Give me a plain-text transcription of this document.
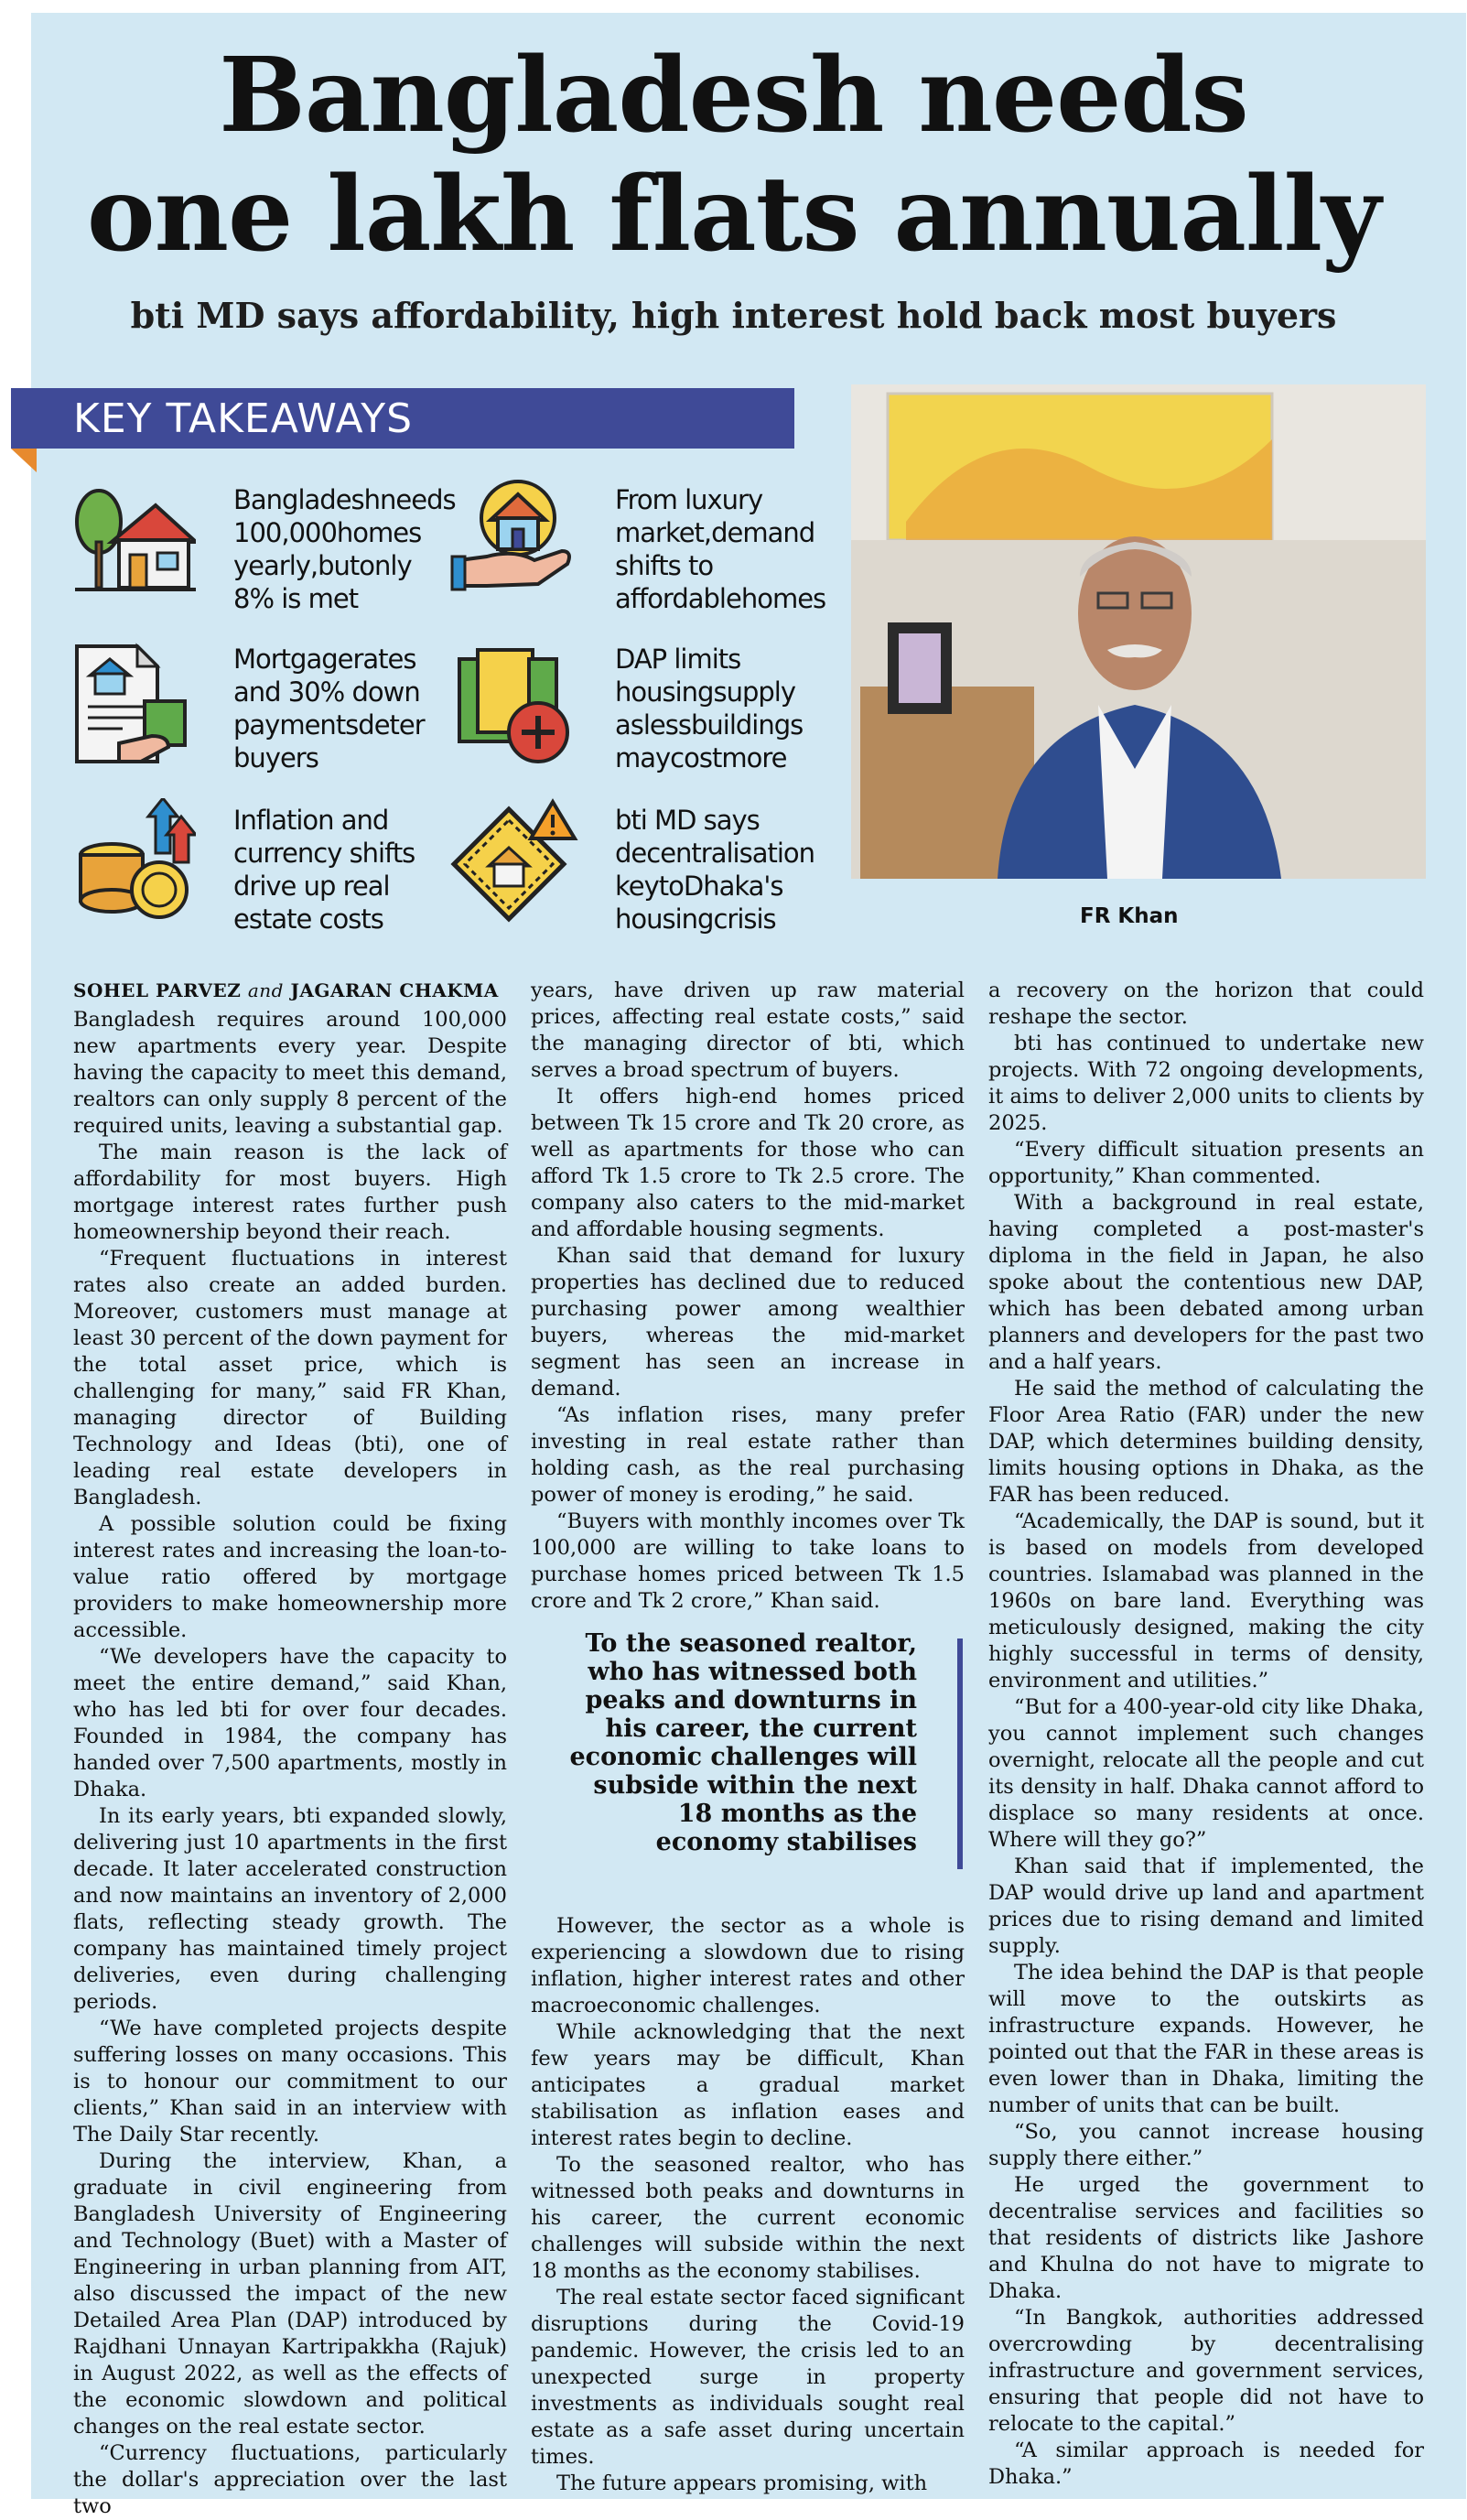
Bangladesh needs
one lakh flats annually
bti MD says affordability, high interest hold back most buyers
KEY TAKEAWAYS
Bangladeshneeds 100,000homes yearly,butonly 8% is met
From luxury market,demand shifts to affordablehomes
Mortgagerates and 30% down paymentsdeter buyers
DAP limits housingsupply aslessbuildings maycostmore
Inflation and currency shifts drive up real estate costs
bti MD says decentralisation keytoDhaka's housingcrisis	FR Khan
SOHEL PARVEZ and JAGARAN CHAKMA

Bangladesh requires around 100,000 new apartments every year. Despite having the capacity to meet this demand, realtors can only supply 8 percent of the required units, leaving a substantial gap.

The main reason is the lack of affordability for most buyers. High mortgage interest rates further push homeownership beyond their reach.

“Frequent fluctuations in interest rates also create an added burden. Moreover, customers must manage at least 30 percent of the down payment for the total asset price, which is challenging for many,” said FR Khan, managing director of Building Technology and Ideas (bti), one of leading real estate developers in Bangladesh.

A possible solution could be fixing interest rates and increasing the loan-to-value ratio offered by mortgage providers to make homeownership more accessible.

“We developers have the capacity to meet the entire demand,” said Khan, who has led bti for over four decades. Founded in 1984, the company has handed over 7,500 apartments, mostly in Dhaka.

In its early years, bti expanded slowly, delivering just 10 apartments in the first decade. It later accelerated construction and now maintains an inventory of 2,000 flats, reflecting steady growth. The company has maintained timely project deliveries, even during challenging periods.

“We have completed projects despite suffering losses on many occasions. This is to honour our commitment to our clients,” Khan said in an interview with The Daily Star recently.

During the interview, Khan, a graduate in civil engineering from Bangladesh University of Engineering and Technology (Buet) with a Master of Engineering in urban planning from AIT, also discussed the impact of the new Detailed Area Plan (DAP) introduced by Rajdhani Unnayan Kartripakkha (Rajuk) in August 2022, as well as the effects of the economic slowdown and political changes on the real estate sector.

“Currency fluctuations, particularly the dollar's appreciation over the last two

years, have driven up raw material prices, affecting real estate costs,” said the managing director of bti, which serves a broad spectrum of buyers.

It offers high-end homes priced between Tk 15 crore and Tk 20 crore, as well as apartments for those who can afford Tk 1.5 crore to Tk 2.5 crore. The company also caters to the mid-market and affordable housing segments.

Khan said that demand for luxury properties has declined due to reduced purchasing power among wealthier buyers, whereas the mid-market segment has seen an increase in demand.

“As inflation rises, many prefer investing in real estate rather than holding cash, as the real purchasing power of money is eroding,” he said.

“Buyers with monthly incomes over Tk 100,000 are willing to take loans to purchase homes priced between Tk 1.5 crore and Tk 2 crore,” Khan said.

To the seasoned realtor, who has witnessed both peaks and downturns in his career, the current economic challenges will subside within the next 18 months as the economy stabilises

However, the sector as a whole is experiencing a slowdown due to rising inflation, higher interest rates and other macroeconomic challenges.

While acknowledging that the next few years may be difficult, Khan anticipates a gradual market stabilisation as inflation eases and interest rates begin to decline.

To the seasoned realtor, who has witnessed both peaks and downturns in his career, the current economic challenges will subside within the next 18 months as the economy stabilises.

The real estate sector faced significant disruptions during the Covid-19 pandemic. However, the crisis led to an unexpected surge in property investments as individuals sought real estate as a safe asset during uncertain times.

The future appears promising, with

a recovery on the horizon that could reshape the sector.

bti has continued to undertake new projects. With 72 ongoing developments, it aims to deliver 2,000 units to clients by 2025.

“Every difficult situation presents an opportunity,” Khan commented.

With a background in real estate, having completed a post-master's diploma in the field in Japan, he also spoke about the contentious new DAP, which has been debated among urban planners and developers for the past two and a half years.

He said the method of calculating the Floor Area Ratio (FAR) under the new DAP, which determines building density, limits housing options in Dhaka, as the FAR has been reduced.

“Academically, the DAP is sound, but it is based on models from developed countries. Islamabad was planned in the 1960s on bare land. Everything was meticulously designed, making the city highly successful in terms of density, environment and utilities.”

“But for a 400-year-old city like Dhaka, you cannot implement such changes overnight, relocate all the people and cut its density in half. Dhaka cannot afford to displace so many residents at once. Where will they go?”

Khan said that if implemented, the DAP would drive up land and apartment prices due to rising demand and limited supply.

The idea behind the DAP is that people will move to the outskirts as infrastructure expands. However, he pointed out that the FAR in these areas is even lower than in Dhaka, limiting the number of units that can be built.

“So, you cannot increase housing supply there either.”

He urged the government to decentralise services and facilities so that residents of districts like Jashore and Khulna do not have to migrate to Dhaka.

“In Bangkok, authorities addressed overcrowding by decentralising infrastructure and government services, ensuring that people did not have to relocate to the capital.”

“A similar approach is needed for Dhaka.”
